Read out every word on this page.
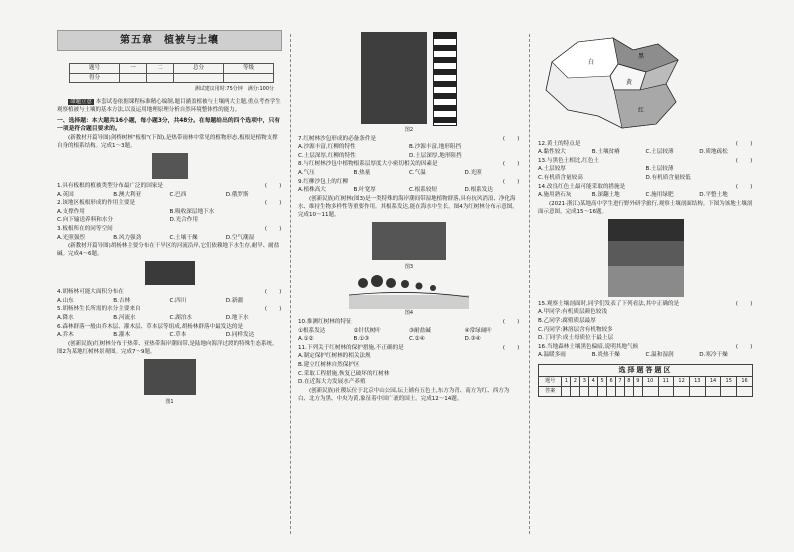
第五章　植被与土壤
题号	一	二	总分	等级
得分				
测试建议用时:75分钟　满分:100分
命题立意 本套试卷依据课程标准精心编制,题目涵盖植被与土壤两大主题,重点考查学生观察植被与土壤的基本方法,以及运用地理原理分析自然环境整体性的能力。
一、选择题：本大题共16小题，每小题3分，共48分。在每题给出的四个选项中，只有一项是符合题目要求的。
(新教材开篇导图)剑桥树林"板根"(下图),是热带雨林中常见的植物形态,板根是植物支撑自身的根系结构。完成1～3题。
1.具有板根的植被类型分布最广泛的国家是	(　　)
A.英国	B.澳大利亚	C.巴西	D.俄罗斯
2.该地区板根形成的作用主要是	(　　)
A.支撑作用	B.吸收深层地下水
C.向下输送养料和水分	D.光合作用
3.板根所在的同等空间	(　　)
A.光照强烈	B.风力强劲	C.土壤干燥	D.空气潮湿
(新教材开篇导图)胡杨林主要分布在干旱区的河流沿岸,它们依赖地下水生存,耐旱、耐盐碱。完成4～6题。
4.胡杨林可能大面积分布在	(　　)
A.山东	B.吉林	C.四川	D.新疆
5.胡杨林生长所需的水分主要来自	(　　)
A.降水	B.河流水	C.湖泊水	D.地下水
6.森林群落一般由乔木层、灌木层、草本层等组成,胡杨林群落中最发达的是
A.乔木	B.灌木	C.草本	D.同样发达
(创新民族)红树林分布于热带、亚热带海岸潮间带,是陆地向海洋过渡的特殊生态系统。图2为某地红树林景观图。完成7～9题。
图1
图2
7.红树林沙包形成的必备条件是	(　　)
A.沙源丰富,红柳的特性	B.沙源丰富,地形阻挡
C.土层深厚,红柳的特性	D.土层深厚,地形阻挡
8.与红树林沙包中植物根系层厚度大小密切相关的因素是	(　　)
A.气压	B.热量	C.气温	D.光照
9.红柳沙包上的红柳	(　　)
A.植株高大	B.叶宽厚	C.根系较短	D.根系发达
(创新民族)红树林(图3)是一类特殊的海岸潮间带湿地植物群落,具有抗风消浪、净化海水、维持生物多样性等重要作用。其根系发达,能在海水中生长。图4为红树林分布示意图。完成10～11题。
图3
图4
10.推测红树林的特征	(　　)
①根系发达	②针状树叶	③耐盐碱	④常绿阔叶
A.①②	B.①③	C.②④	D.③④
11.下列关于红树林的保护措施,不正确的是	(　　)
A.制定保护红树林的相关法规
B.建立红树林自然保护区
C.采取工程措施,恢复已破坏的红树林
D.在近海大力发展水产养殖
(创新民族)社稷坛位于北京中山公园,坛上铺有五色土,东方为青、南方为红、西方为白、北方为黑、中央为黄,象征着中国广袤的国土。完成12～14题。
黄
白
红
黑
12.黄土的特点是	(　　)
A.黏性较大	B.土壤贫瘠	C.土层较薄	D.质地疏松
13.与黑色土相比,红色土	(　　)
A.土层较厚	B.土层较薄
C.有机质含量较高	D.有机质含量较低
14.改良红色土最可能采取的措施是	(　　)
A.施用熟石灰	B.深翻土地	C.施用绿肥	D.平整土地
(2021·浙江)某地高中学生进行野外研学旅行,观察土壤剖面结构。下图为该地土壤剖面示意图。完成15～16题。
15.观察土壤剖面时,同学们发表了下列看法,其中正确的是	(　　)
A.甲同学:有机质层颜色较浅
B.乙同学:腐殖质层最厚
C.丙同学:淋溶层含有机物较多
D.丁同学:成土母质位于最上层
16.当地森林土壤黑色偏暗,说明其地气候	(　　)
A.温暖多雨	B.炎热干燥	C.温和湿润	D.寒冷干燥
选择题答题区
题号	1	2	3	4	5	6	7	8	9	10	11	12	13	14	15	16
答案																
